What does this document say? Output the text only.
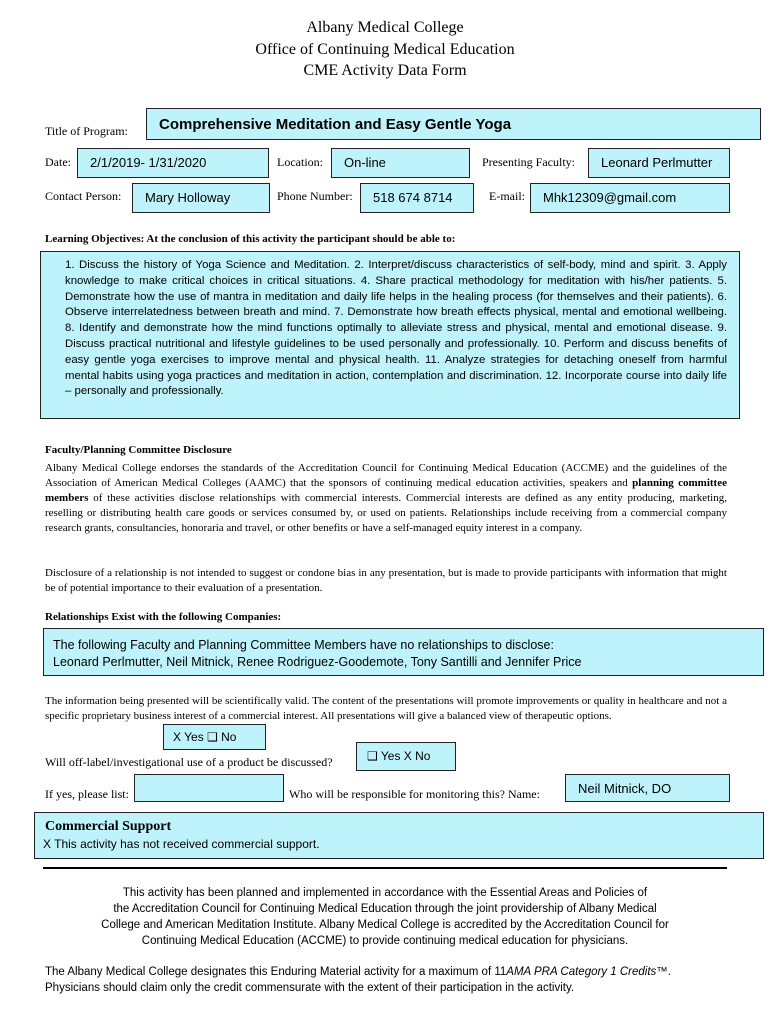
Albany Medical College
Office of Continuing Medical Education
CME Activity Data Form
Title of Program:	Comprehensive Meditation and Easy Gentle Yoga
Date:	2/1/2019- 1/31/2020	Location:	On-line	Presenting Faculty:	Leonard Perlmutter
Contact Person:	Mary Holloway	Phone Number:	518 674 8714	E-mail:	Mhk12309@gmail.com
Learning Objectives: At the conclusion of this activity the participant should be able to:
1. Discuss the history of Yoga Science and Meditation. 2. Interpret/discuss characteristics of self-body, mind and spirit. 3. Apply knowledge to make critical choices in critical situations. 4. Share practical methodology for meditation with his/her patients. 5. Demonstrate how the use of mantra in meditation and daily life helps in the healing process (for themselves and their patients). 6. Observe interrelatedness between breath and mind. 7. Demonstrate how breath effects physical, mental and emotional wellbeing. 8. Identify and demonstrate how the mind functions optimally to alleviate stress and physical, mental and emotional disease. 9. Discuss practical nutritional and lifestyle guidelines to be used personally and professionally. 10. Perform and discuss benefits of easy gentle yoga exercises to improve mental and physical health. 11. Analyze strategies for detaching oneself from harmful mental habits using yoga practices and meditation in action, contemplation and discrimination. 12. Incorporate course into daily life – personally and professionally.
Faculty/Planning Committee Disclosure
Albany Medical College endorses the standards of the Accreditation Council for Continuing Medical Education (ACCME) and the guidelines of the Association of American Medical Colleges (AAMC) that the sponsors of continuing medical education activities, speakers and planning committee members of these activities disclose relationships with commercial interests. Commercial interests are defined as any entity producing, marketing, reselling or distributing health care goods or services consumed by, or used on patients. Relationships include receiving from a commercial company research grants, consultancies, honoraria and travel, or other benefits or have a self-managed equity interest in a company.
Disclosure of a relationship is not intended to suggest or condone bias in any presentation, but is made to provide participants with information that might be of potential importance to their evaluation of a presentation.
Relationships Exist with the following Companies:
The following Faculty and Planning Committee Members have no relationships to disclose:
Leonard Perlmutter, Neil Mitnick, Renee Rodriguez-Goodemote, Tony Santilli and Jennifer Price
The information being presented will be scientifically valid. The content of the presentations will promote improvements or quality in healthcare and not a specific proprietary business interest of a commercial interest. All presentations will give a balanced view of therapeutic options.
X Yes ❑ No
Will off-label/investigational use of a product be discussed?	❑ Yes X No
If yes, please list:	Who will be responsible for monitoring this? Name:	Neil Mitnick, DO
Commercial Support
X This activity has not received commercial support.
This activity has been planned and implemented in accordance with the Essential Areas and Policies of
the Accreditation Council for Continuing Medical Education through the joint providership of Albany Medical
College and American Meditation Institute. Albany Medical College is accredited by the Accreditation Council for
Continuing Medical Education (ACCME) to provide continuing medical education for physicians.
The Albany Medical College designates this Enduring Material activity for a maximum of 11AMA PRA Category 1 Credits™.
Physicians should claim only the credit commensurate with the extent of their participation in the activity.
